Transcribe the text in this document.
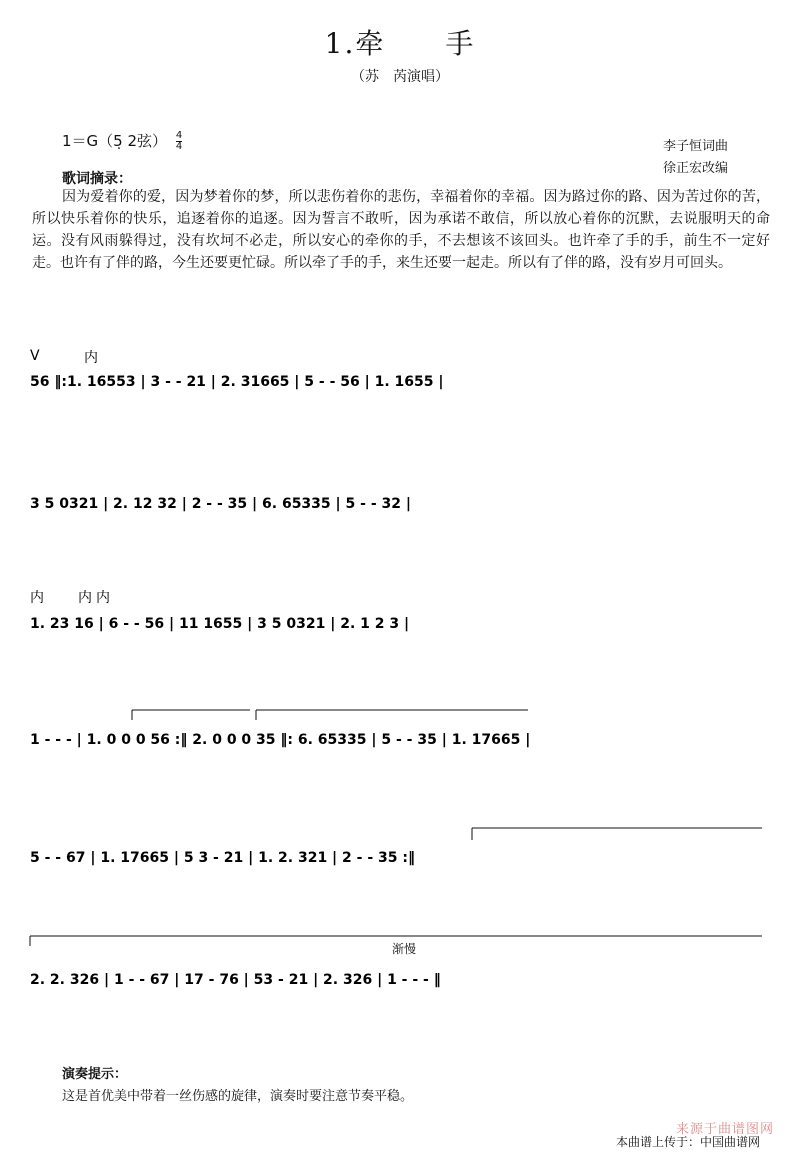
1.牵　　手
（苏　芮演唱）
1＝G（5̣ 2弦） $\frac{4}{4}$	李子恒词曲
徐正宏改编
歌词摘录：
因为爱着你的爱，因为梦着你的梦，所以悲伤着你的悲伤，幸福着你的幸福。因为路过你的路、因为苦过你的苦，所以快乐着你的快乐，追逐着你的追逐。因为誓言不敢听，因为承诺不敢信，所以放心着你的沉默，去说服明天的命运。没有风雨躲得过，没有坎坷不必走，所以安心的牵你的手，不去想该不该回头。也许牵了手的手，前生不一定好走。也许有了伴的路，今生还要更忙碌。所以牵了手的手，来生还要一起走。所以有了伴的路，没有岁月可回头。
V	内
56 ‖:1. 16553 | 3 - - 21 | 2. 31665 | 5 - - 56 | 1. 1655 |
3 5 0321 | 2. 12 32 | 2 - - 35 | 6. 65335 | 5 - - 32 |
内 内 内
1. 23 16 | 6 - - 56 | 11 1655 | 3 5 0321 | 2. 1 2 3 |
1 - - - | 1. 0 0 0 56 :‖ 2. 0 0 0 35 ‖: 6. 65335 | 5 - - 35 | 1. 17665 |
5 - - 67 | 1. 17665 | 5 3 - 21 | 1. 2. 321 | 2 - - 35 :‖
2. 2. 326 | 1 - - 67 | 17 - 76 | 53 - 21 | 2. 326 | 1 - - - ‖
渐慢
演奏提示：
这是首优美中带着一丝伤感的旋律，演奏时要注意节奏平稳。
本曲谱上传于：中国曲谱网
来源于曲谱图网
